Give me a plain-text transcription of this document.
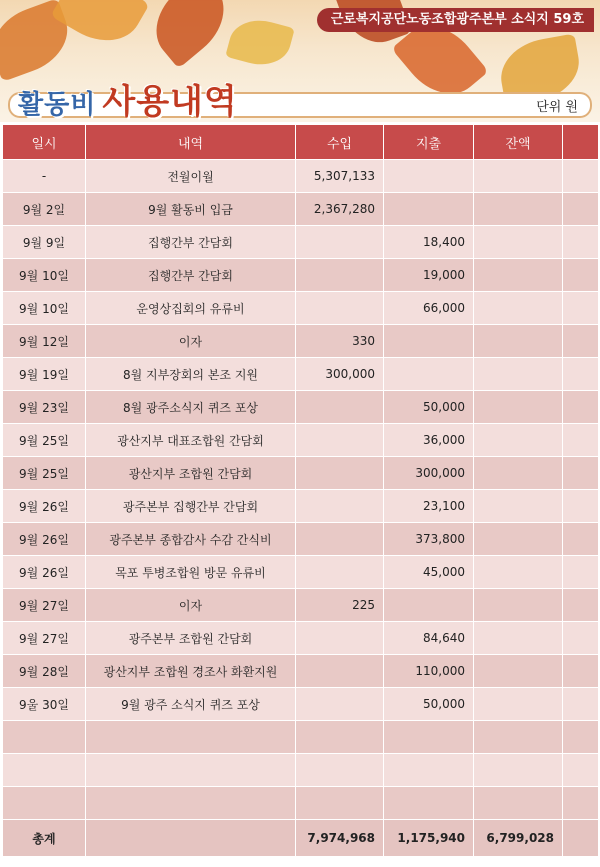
근로복지공단노동조합광주본부 소식지 59호
활동비 사용내역	단위 원
일시	내역	수입	지출	잔액	
-	전월이월	5,307,133			
9월 2일	9월 활동비 입금	2,367,280			
9월 9일	집행간부 간담회		18,400		
9월 10일	집행간부 간담회		19,000		
9월 10일	운영상집회의 유류비		66,000		
9월 12일	이자	330			
9월 19일	8월 지부장회의 본조 지원	300,000			
9월 23일	8월 광주소식지 퀴즈 포상		50,000		
9월 25일	광산지부 대표조합원 간담회		36,000		
9월 25일	광산지부 조합원 간담회		300,000		
9월 26일	광주본부 집행간부 간담회		23,100		
9월 26일	광주본부 종합감사 수감 간식비		373,800		
9월 26일	목포 투병조합원 방문 유류비		45,000		
9월 27일	이자	225			
9월 27일	광주본부 조합원 간담회		84,640		
9월 28일	광산지부 조합원 경조사 화환지원		110,000		
9울 30일	9월 광주 소식지 퀴즈 포상		50,000		

총계		7,974,968	1,175,940	6,799,028	
